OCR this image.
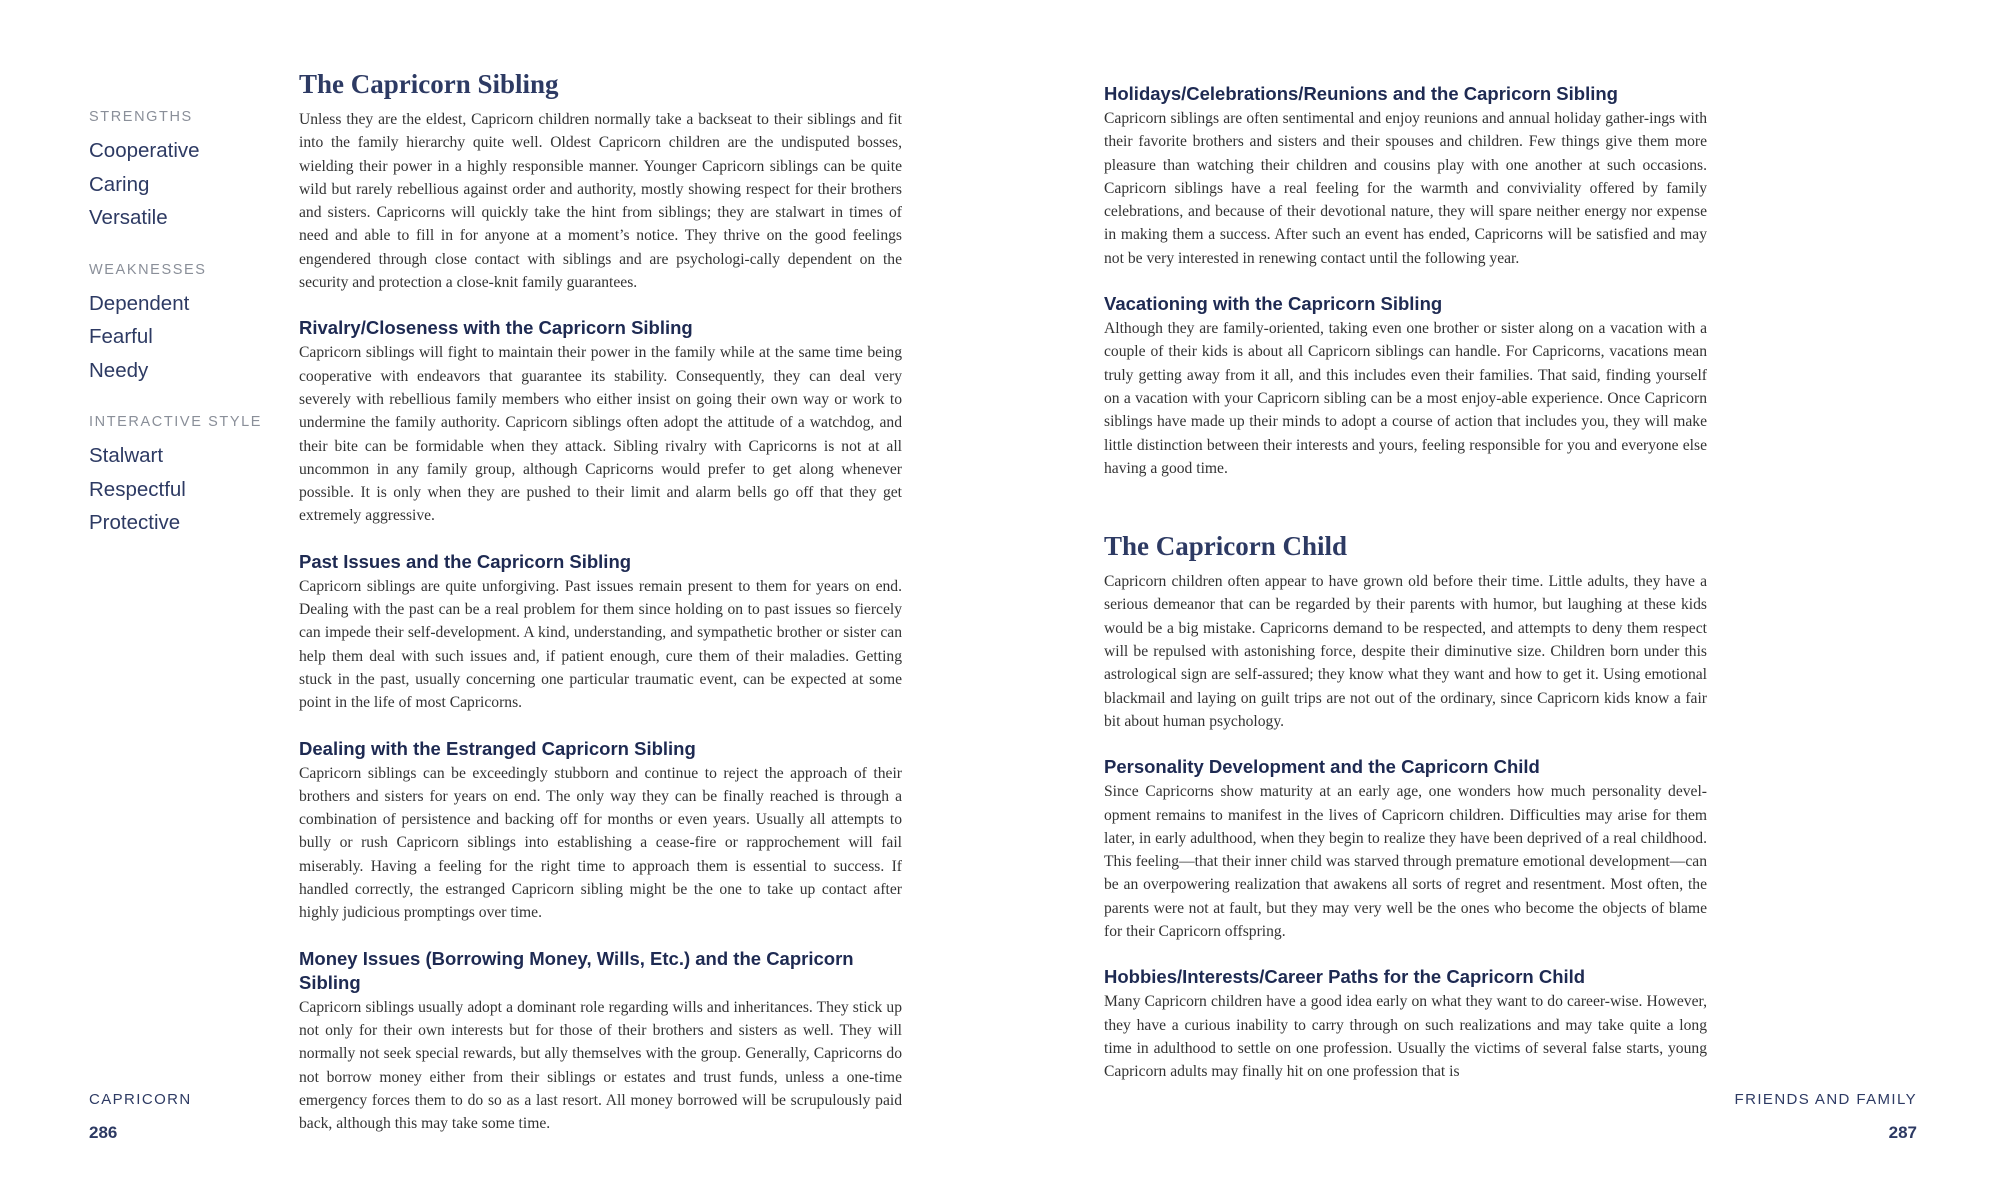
STRENGTHS
Cooperative
Caring
Versatile
WEAKNESSES
Dependent
Fearful
Needy
INTERACTIVE STYLE
Stalwart
Respectful
Protective
The Capricorn Sibling

Unless they are the eldest, Capricorn children normally take a backseat to their siblings and fit into the family hierarchy quite well. Oldest Capricorn children are the undisputed bosses, wielding their power in a highly responsible manner. Younger Capricorn siblings can be quite wild but rarely rebellious against order and authority, mostly showing respect for their brothers and sisters. Capricorns will quickly take the hint from siblings; they are stalwart in times of need and able to fill in for anyone at a moment’s notice. They thrive on the good feelings engendered through close contact with siblings and are psychologi-cally dependent on the security and protection a close-knit family guarantees.

Rivalry/Closeness with the Capricorn Sibling

Capricorn siblings will fight to maintain their power in the family while at the same time being cooperative with endeavors that guarantee its stability. Consequently, they can deal very severely with rebellious family members who either insist on going their own way or work to undermine the family authority. Capricorn siblings often adopt the attitude of a watchdog, and their bite can be formidable when they attack. Sibling rivalry with Capricorns is not at all uncommon in any family group, although Capricorns would prefer to get along whenever possible. It is only when they are pushed to their limit and alarm bells go off that they get extremely aggressive.

Past Issues and the Capricorn Sibling

Capricorn siblings are quite unforgiving. Past issues remain present to them for years on end. Dealing with the past can be a real problem for them since holding on to past issues so fiercely can impede their self-development. A kind, understanding, and sympathetic brother or sister can help them deal with such issues and, if patient enough, cure them of their maladies. Getting stuck in the past, usually concerning one particular traumatic event, can be expected at some point in the life of most Capricorns.

Dealing with the Estranged Capricorn Sibling

Capricorn siblings can be exceedingly stubborn and continue to reject the approach of their brothers and sisters for years on end. The only way they can be finally reached is through a combination of persistence and backing off for months or even years. Usually all attempts to bully or rush Capricorn siblings into establishing a cease-fire or rapprochement will fail miserably. Having a feeling for the right time to approach them is essential to success. If handled correctly, the estranged Capricorn sibling might be the one to take up contact after highly judicious promptings over time.

Money Issues (Borrowing Money, Wills, Etc.) and the Capricorn Sibling

Capricorn siblings usually adopt a dominant role regarding wills and inheritances. They stick up not only for their own interests but for those of their brothers and sisters as well. They will normally not seek special rewards, but ally themselves with the group. Generally, Capricorns do not borrow money either from their siblings or estates and trust funds, unless a one-time emergency forces them to do so as a last resort. All money borrowed will be scrupulously paid back, although this may take some time.

CAPRICORN
286
Holidays/Celebrations/Reunions and the Capricorn Sibling

Capricorn siblings are often sentimental and enjoy reunions and annual holiday gather-ings with their favorite brothers and sisters and their spouses and children. Few things give them more pleasure than watching their children and cousins play with one another at such occasions. Capricorn siblings have a real feeling for the warmth and conviviality offered by family celebrations, and because of their devotional nature, they will spare neither energy nor expense in making them a success. After such an event has ended, Capricorns will be satisfied and may not be very interested in renewing contact until the following year.

Vacationing with the Capricorn Sibling

Although they are family-oriented, taking even one brother or sister along on a vacation with a couple of their kids is about all Capricorn siblings can handle. For Capricorns, vacations mean truly getting away from it all, and this includes even their families. That said, finding yourself on a vacation with your Capricorn sibling can be a most enjoy-able experience. Once Capricorn siblings have made up their minds to adopt a course of action that includes you, they will make little distinction between their interests and yours, feeling responsible for you and everyone else having a good time.

The Capricorn Child

Capricorn children often appear to have grown old before their time. Little adults, they have a serious demeanor that can be regarded by their parents with humor, but laughing at these kids would be a big mistake. Capricorns demand to be respected, and attempts to deny them respect will be repulsed with astonishing force, despite their diminutive size. Children born under this astrological sign are self-assured; they know what they want and how to get it. Using emotional blackmail and laying on guilt trips are not out of the ordinary, since Capricorn kids know a fair bit about human psychology.

Personality Development and the Capricorn Child

Since Capricorns show maturity at an early age, one wonders how much personality devel-opment remains to manifest in the lives of Capricorn children. Difficulties may arise for them later, in early adulthood, when they begin to realize they have been deprived of a real childhood. This feeling—that their inner child was starved through premature emotional development—can be an overpowering realization that awakens all sorts of regret and resentment. Most often, the parents were not at fault, but they may very well be the ones who become the objects of blame for their Capricorn offspring.

Hobbies/Interests/Career Paths for the Capricorn Child

Many Capricorn children have a good idea early on what they want to do career-wise. However, they have a curious inability to carry through on such realizations and may take quite a long time in adulthood to settle on one profession. Usually the victims of several false starts, young Capricorn adults may finally hit on one profession that is

FRIENDS AND FAMILY
287
